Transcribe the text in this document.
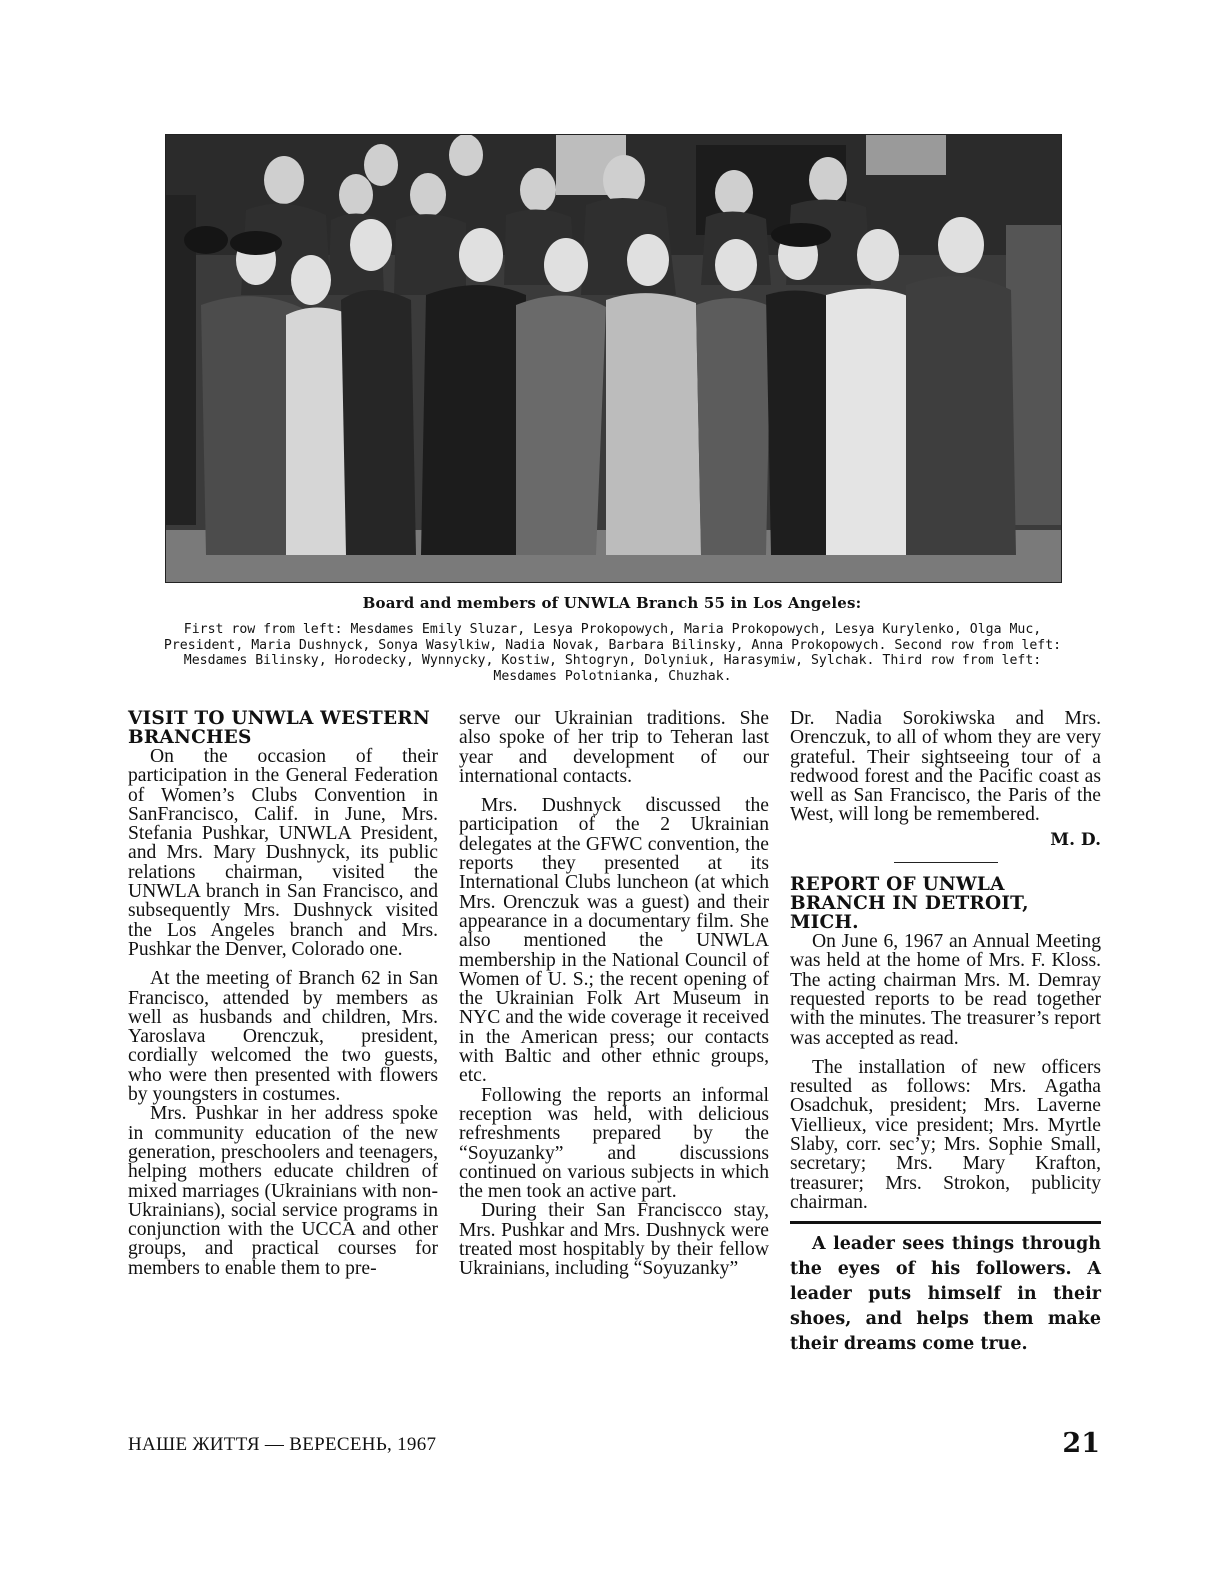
Board and members of UNWLA Branch 55 in Los Angeles:
First row from left: Mesdames Emily Sluzar, Lesya Prokopowych, Maria Prokopowych, Lesya Kurylenko, Olga Muc, President, Maria Dushnyck, Sonya Wasylkiw, Nadia Novak, Barbara Bilinsky, Anna Prokopowych. Second row from left: Mesdames Bilinsky, Horodecky, Wynnycky, Kostiw, Shtogryn, Dolyniuk, Harasymiw, Sylchak. Third row from left: Mesdames Polotnianka, Chuzhak.
VISIT TO UNWLA WESTERN BRANCHES

On the occasion of their participation in the General Federation of Women’s Clubs Convention in SanFrancisco, Calif. in June, Mrs. Stefania Pushkar, UNWLA President, and Mrs. Mary Dushnyck, its public relations chairman, visited the UNWLA branch in San Francisco, and subsequently Mrs. Dushnyck visited the Los Angeles branch and Mrs. Pushkar the Denver, Colorado one.

At the meeting of Branch 62 in San Francisco, attended by members as well as husbands and children, Mrs. Yaroslava Orenczuk, president, cordially welcomed the two guests, who were then presented with flowers by youngsters in costumes.

Mrs. Pushkar in her address spoke in community education of the new generation, preschoolers and teenagers, helping mothers educate children of mixed marriages (Ukrainians with non-Ukrainians), social service programs in conjunction with the UCCA and other groups, and practical courses for members to enable them to pre-

serve our Ukrainian traditions. She also spoke of her trip to Teheran last year and development of our international contacts.

Mrs. Dushnyck discussed the participation of the 2 Ukrainian delegates at the GFWC convention, the reports they presented at its International Clubs luncheon (at which Mrs. Orenczuk was a guest) and their appearance in a documentary film. She also mentioned the UNWLA membership in the National Council of Women of U. S.; the recent opening of the Ukrainian Folk Art Museum in NYC and the wide coverage it received in the American press; our contacts with Baltic and other ethnic groups, etc.

Following the reports an informal reception was held, with delicious refreshments prepared by the “Soyuzanky” and discussions continued on various subjects in which the men took an active part.

During their San Franciscco stay, Mrs. Pushkar and Mrs. Dushnyck were treated most hospitably by their fellow Ukrainians, including “Soyuzanky”

Dr. Nadia Sorokiwska and Mrs. Orenczuk, to all of whom they are very grateful. Their sightseeing tour of a redwood forest and the Pacific coast as well as San Francisco, the Paris of the West, will long be remembered.

M. D.
REPORT OF UNWLA BRANCH IN DETROIT, MICH.

On June 6, 1967 an Annual Meeting was held at the home of Mrs. F. Kloss. The acting chairman Mrs. M. Demray requested reports to be read together with the minutes. The treasurer’s report was accepted as read.

The installation of new officers resulted as follows: Mrs. Agatha Osadchuk, president; Mrs. Laverne Viellieux, vice president; Mrs. Myrtle Slaby, corr. sec’y; Mrs. Sophie Small, secretary; Mrs. Mary Krafton, treasurer; Mrs. Strokon, publicity chairman.

A leader sees things through the eyes of his followers. A leader puts himself in their shoes, and helps them make their dreams come true.
НАШЕ ЖИТТЯ — ВЕРЕСЕНЬ, 1967	21
